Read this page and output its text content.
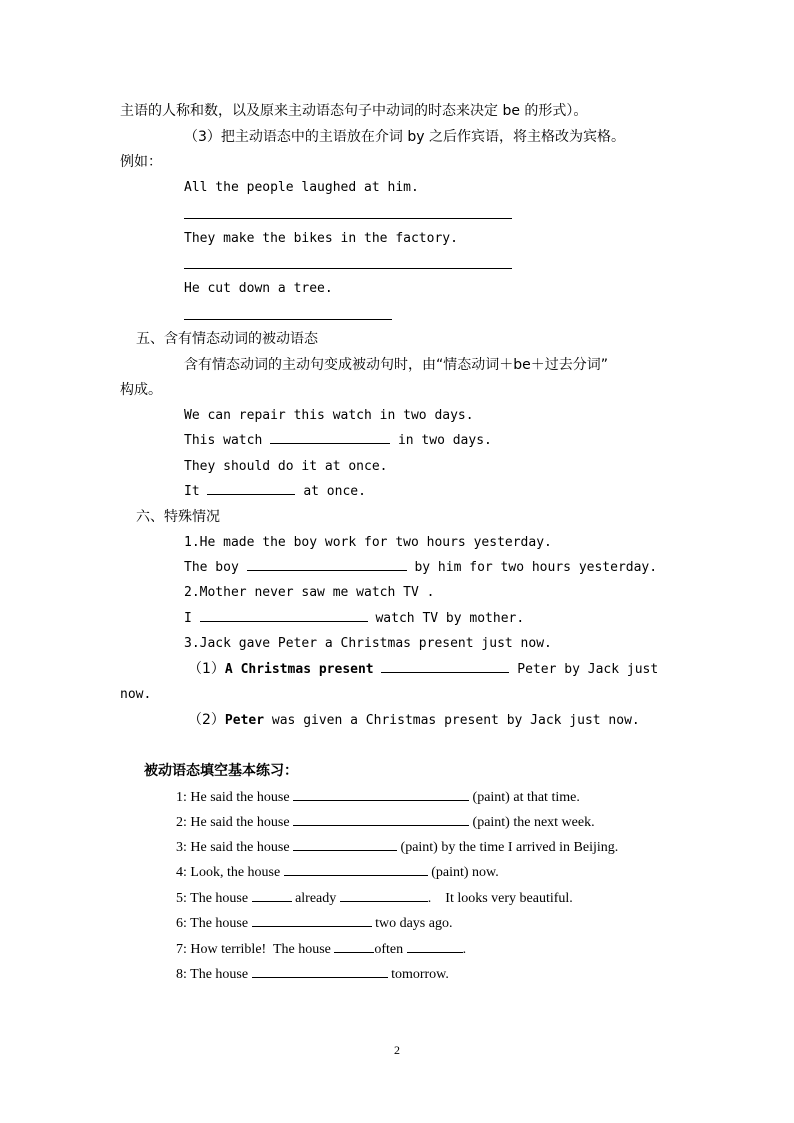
主语的人称和数，以及原来主动语态句子中动词的时态来决定 be 的形式）。
（3）把主动语态中的主语放在介词 by 之后作宾语，将主格改为宾格。
例如：
All the people laughed at him.
They make the bikes in the factory.
He cut down a tree.
五、含有情态动词的被动语态
含有情态动词的主动句变成被动句时，由“情态动词＋be＋过去分词”
构成。
We can repair this watch in two days.
This watch	in two days.
They should do it at once.
It	at once.
六、特殊情况
1.He made the boy work for two hours yesterday.
The boy	by him for two hours yesterday.
2.Mother never saw me watch TV .
I	watch TV by mother.
3.Jack gave Peter a Christmas present just now.
（1）A Christmas present	Peter by Jack just
now.
（2）Peter was given a Christmas present by Jack just now.
被动语态填空基本练习：
1: He said the house	(paint) at that time.
2: He said the house	(paint) the next week.
3: He said the house	(paint) by the time I arrived in Beijing.
4: Look, the house	(paint) now.
5: The house	already	.    It looks very beautiful.
6: The house	two days ago.
7: How terrible!  The house	often	.
8: The house	tomorrow.
2
